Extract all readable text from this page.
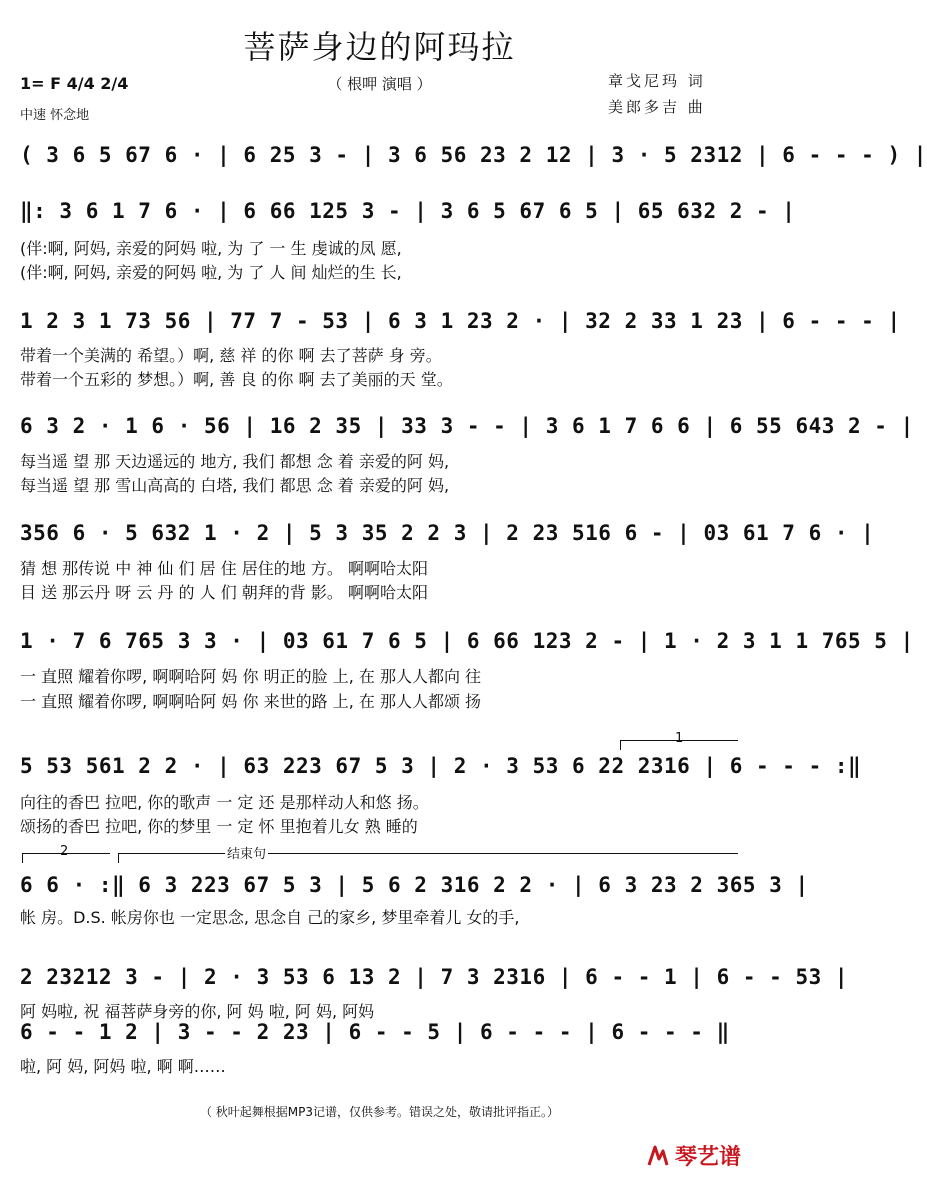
菩萨身边的阿玛拉
（ 根呷 演唱 ）
1= F 4/4 2/4
中速 怀念地
章戈尼玛 词
美郎多吉 曲
( 3 6 5 67 6 · | 6 25 3 - | 3 6 56 23 2 12 | 3 · 5 2312 | 6 - - - ) |
‖: 3 6 1 7 6 · | 6 66 125 3 - | 3 6 5 67 6 5 | 65 632 2 - |
(伴:啊, 阿妈, 亲爱的阿妈 啦, 为 了 一 生 虔诚的凤 愿,
(伴:啊, 阿妈, 亲爱的阿妈 啦, 为 了 人 间 灿烂的生 长,
1 2 3 1 73 56 | 77 7 - 53 | 6 3 1 23 2 · | 32 2 33 1 23 | 6 - - - |
带着一个美满的 希望。）啊, 慈 祥 的你 啊 去了菩萨 身 旁。
带着一个五彩的 梦想。）啊, 善 良 的你 啊 去了美丽的天 堂。
6 3 2 · 1 6 · 56 | 16 2 35 | 33 3 - - | 3 6 1 7 6 6 | 6 55 643 2 - |
每当遥 望 那 天边遥远的 地方, 我们 都想 念 着 亲爱的阿 妈,
每当遥 望 那 雪山高高的 白塔, 我们 都思 念 着 亲爱的阿 妈,
356 6 · 5 632 1 · 2 | 5 3 35 2 2 3 | 2 23 516 6 - | 03 61 7 6 · |
猜 想 那传说 中 神 仙 们 居 住 居住的地 方。 啊啊哈太阳
目 送 那云丹 呀 云 丹 的 人 们 朝拜的背 影。 啊啊哈太阳
1 · 7 6 765 3 3 · | 03 61 7 6 5 | 6 66 123 2 - | 1 · 2 3 1 1 765 5 |
一 直照 耀着你啰, 啊啊哈阿 妈 你 明正的脸 上, 在 那人人都向 往
一 直照 耀着你啰, 啊啊哈阿 妈 你 来世的路 上, 在 那人人都颂 扬
1
5 53 561 2 2 · | 63 223 67 5 3 | 2 · 3 53 6 22 2316 | 6 - - - :‖
向往的香巴 拉吧, 你的歌声 一 定 还 是那样动人和悠 扬。
颂扬的香巴 拉吧, 你的梦里 一 定 怀 里抱着儿女 熟 睡的
2	结束句
6 6 · :‖ 6 3 223 67 5 3 | 5 6 2 316 2 2 · | 6 3 23 2 365 3 |
帐 房。D.S. 帐房你也 一定思念, 思念自 己的家乡, 梦里牵着儿 女的手,
2 23212 3 - | 2 · 3 53 6 13 2 | 7 3 2316 | 6 - - 1 | 6 - - 53 |
阿 妈啦, 祝 福菩萨身旁的你, 阿 妈 啦, 阿 妈, 阿妈
6 - - 1 2 | 3 - - 2 23 | 6 - - 5 | 6 - - - | 6 - - - ‖
啦, 阿 妈, 阿妈 啦, 啊 啊……
（ 秋叶起舞根据MP3记谱，仅供参考。错误之处，敬请批评指正。）
琴艺谱
